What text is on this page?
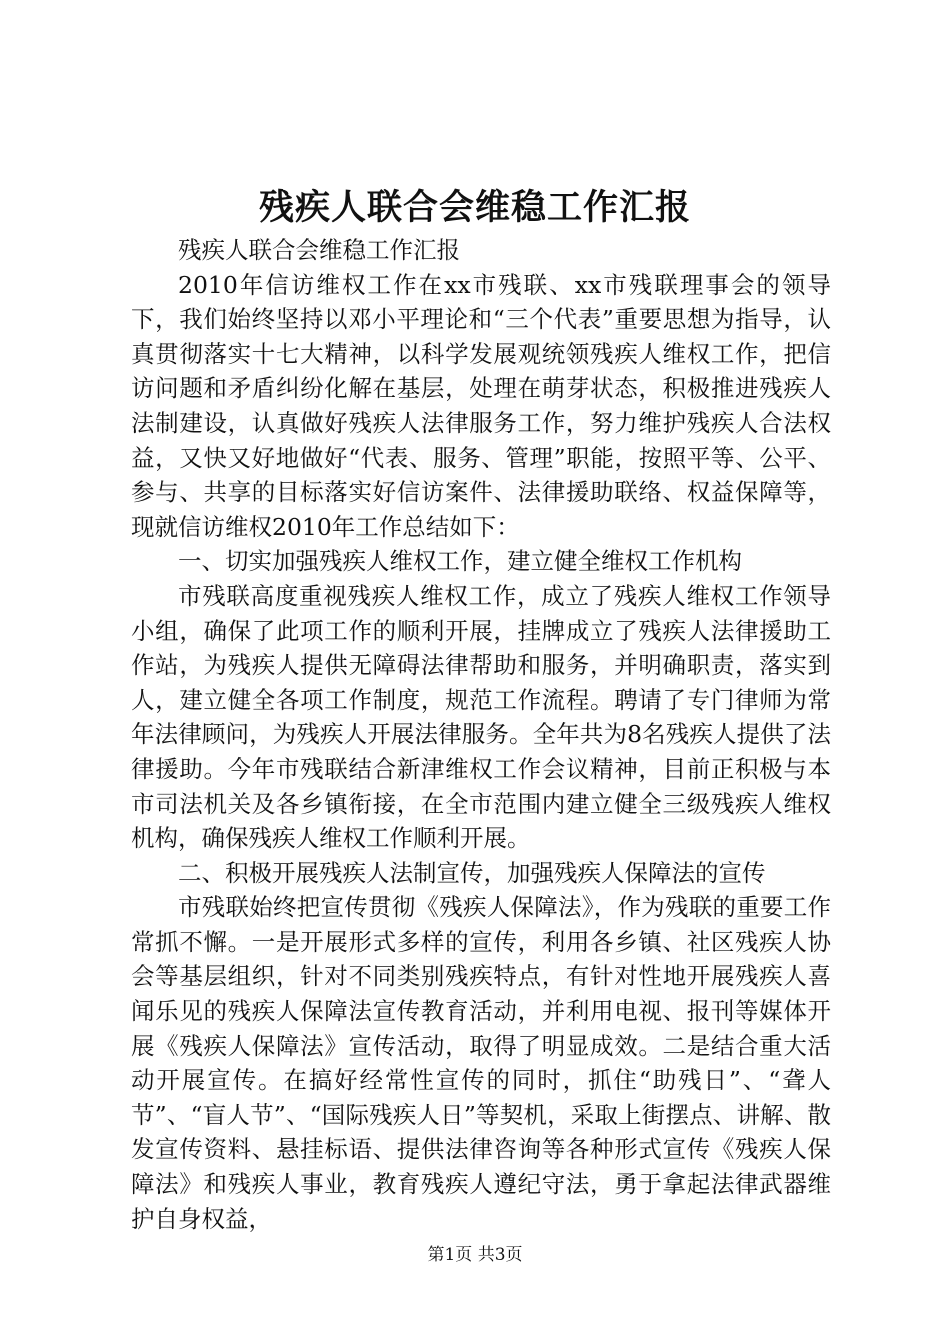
残疾人联合会维稳工作汇报

残疾人联合会维稳工作汇报

2010年信访维权工作在xx市残联、xx市残联理事会的领导下，我们始终坚持以邓小平理论和“三个代表”重要思想为指导，认真贯彻落实十七大精神，以科学发展观统领残疾人维权工作，把信访问题和矛盾纠纷化解在基层，处理在萌芽状态，积极推进残疾人法制建设，认真做好残疾人法律服务工作，努力维护残疾人合法权益，又快又好地做好“代表、服务、管理”职能，按照平等、公平、参与、共享的目标落实好信访案件、法律援助联络、权益保障等，现就信访维权2010年工作总结如下：

一、切实加强残疾人维权工作，建立健全维权工作机构

市残联高度重视残疾人维权工作，成立了残疾人维权工作领导小组，确保了此项工作的顺利开展，挂牌成立了残疾人法律援助工作站，为残疾人提供无障碍法律帮助和服务，并明确职责，落实到人，建立健全各项工作制度，规范工作流程。聘请了专门律师为常年法律顾问，为残疾人开展法律服务。全年共为8名残疾人提供了法律援助。今年市残联结合新津维权工作会议精神，目前正积极与本市司法机关及各乡镇衔接，在全市范围内建立健全三级残疾人维权机构，确保残疾人维权工作顺利开展。

二、积极开展残疾人法制宣传，加强残疾人保障法的宣传

市残联始终把宣传贯彻《残疾人保障法》，作为残联的重要工作常抓不懈。一是开展形式多样的宣传，利用各乡镇、社区残疾人协会等基层组织，针对不同类别残疾特点，有针对性地开展残疾人喜闻乐见的残疾人保障法宣传教育活动，并利用电视、报刊等媒体开展《残疾人保障法》宣传活动，取得了明显成效。二是结合重大活动开展宣传。在搞好经常性宣传的同时，抓住“助残日”、“聋人节”、“盲人节”、“国际残疾人日”等契机，采取上街摆点、讲解、散发宣传资料、悬挂标语、提供法律咨询等各种形式宣传《残疾人保障法》和残疾人事业，教育残疾人遵纪守法，勇于拿起法律武器维护自身权益，

第1页 共3页
